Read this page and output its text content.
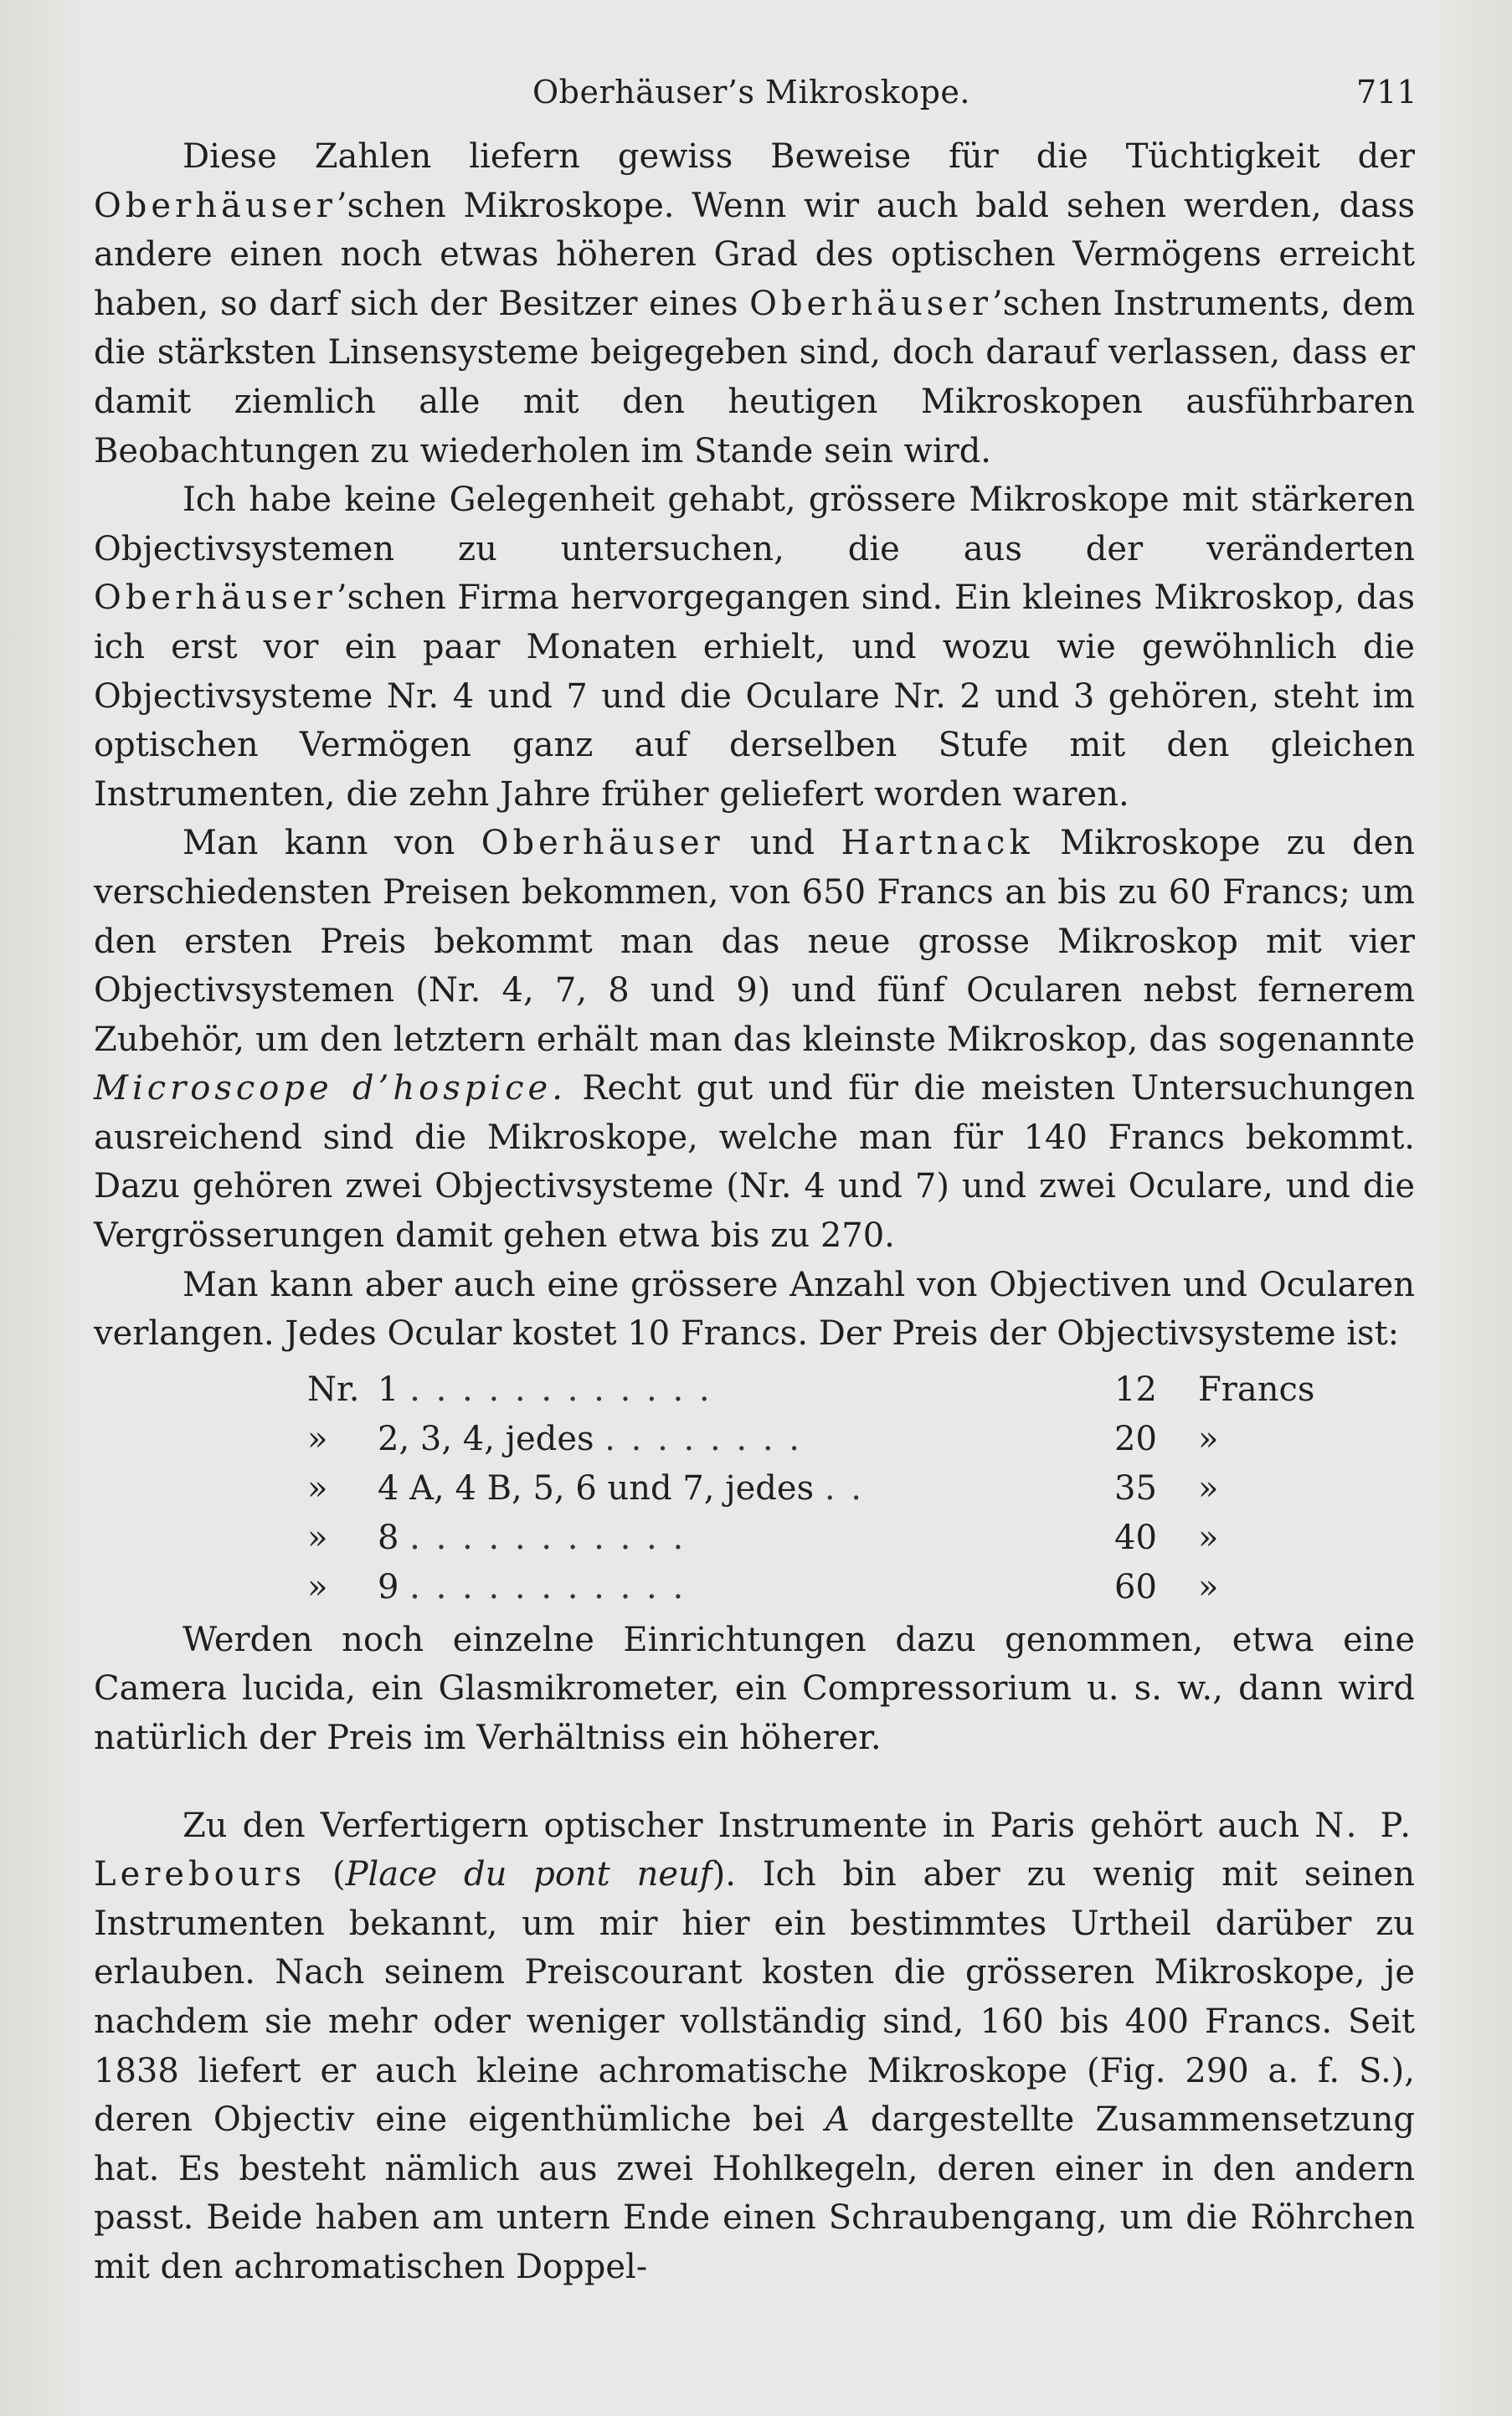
Oberhäuser’s Mikroskope.	711

Diese Zahlen liefern gewiss Beweise für die Tüchtigkeit der Oberhäuser’schen Mikroskope. Wenn wir auch bald sehen werden, dass andere einen noch etwas höheren Grad des optischen Vermögens erreicht haben, so darf sich der Besitzer eines Oberhäuser’schen Instruments, dem die stärksten Linsensysteme beigegeben sind, doch darauf verlassen, dass er damit ziemlich alle mit den heutigen Mikroskopen ausführbaren Beobachtungen zu wiederholen im Stande sein wird.

Ich habe keine Gelegenheit gehabt, grössere Mikroskope mit stärkeren Objectivsystemen zu untersuchen, die aus der veränderten Oberhäuser’schen Firma hervorgegangen sind. Ein kleines Mikroskop, das ich erst vor ein paar Monaten erhielt, und wozu wie gewöhnlich die Objectivsysteme Nr. 4 und 7 und die Oculare Nr. 2 und 3 gehören, steht im optischen Vermögen ganz auf derselben Stufe mit den gleichen Instrumenten, die zehn Jahre früher geliefert worden waren.

Man kann von Oberhäuser und Hartnack Mikroskope zu den verschiedensten Preisen bekommen, von 650 Francs an bis zu 60 Francs; um den ersten Preis bekommt man das neue grosse Mikroskop mit vier Objectivsystemen (Nr. 4, 7, 8 und 9) und fünf Ocularen nebst fernerem Zubehör, um den letztern erhält man das kleinste Mikroskop, das sogenannte Microscope d’hospice. Recht gut und für die meisten Untersuchungen ausreichend sind die Mikroskope, welche man für 140 Francs bekommt. Dazu gehören zwei Objectivsysteme (Nr. 4 und 7) und zwei Oculare, und die Vergrösserungen damit gehen etwa bis zu 270.

Man kann aber auch eine grössere Anzahl von Objectiven und Ocularen verlangen. Jedes Ocular kostet 10 Francs. Der Preis der Objectivsysteme ist:

Nr.	1 . . . . . . . . . . . .	12	Francs
»	2, 3, 4, jedes . . . . . . . .	20	»
»	4 A, 4 B, 5, 6 und 7, jedes . .	35	»
»	8 . . . . . . . . . . .	40	»
»	9 . . . . . . . . . . .	60	»

Werden noch einzelne Einrichtungen dazu genommen, etwa eine Camera lucida, ein Glasmikrometer, ein Compressorium u. s. w., dann wird natürlich der Preis im Verhältniss ein höherer.

Zu den Verfertigern optischer Instrumente in Paris gehört auch N. P. Lerebours (Place du pont neuf). Ich bin aber zu wenig mit seinen Instrumenten bekannt, um mir hier ein bestimmtes Urtheil darüber zu erlauben. Nach seinem Preiscourant kosten die grösseren Mikroskope, je nachdem sie mehr oder weniger vollständig sind, 160 bis 400 Francs. Seit 1838 liefert er auch kleine achromatische Mikroskope (Fig. 290 a. f. S.), deren Objectiv eine eigenthümliche bei A dargestellte Zusammensetzung hat. Es besteht nämlich aus zwei Hohlkegeln, deren einer in den andern passt. Beide haben am untern Ende einen Schraubengang, um die Röhrchen mit den achromatischen Doppel-
